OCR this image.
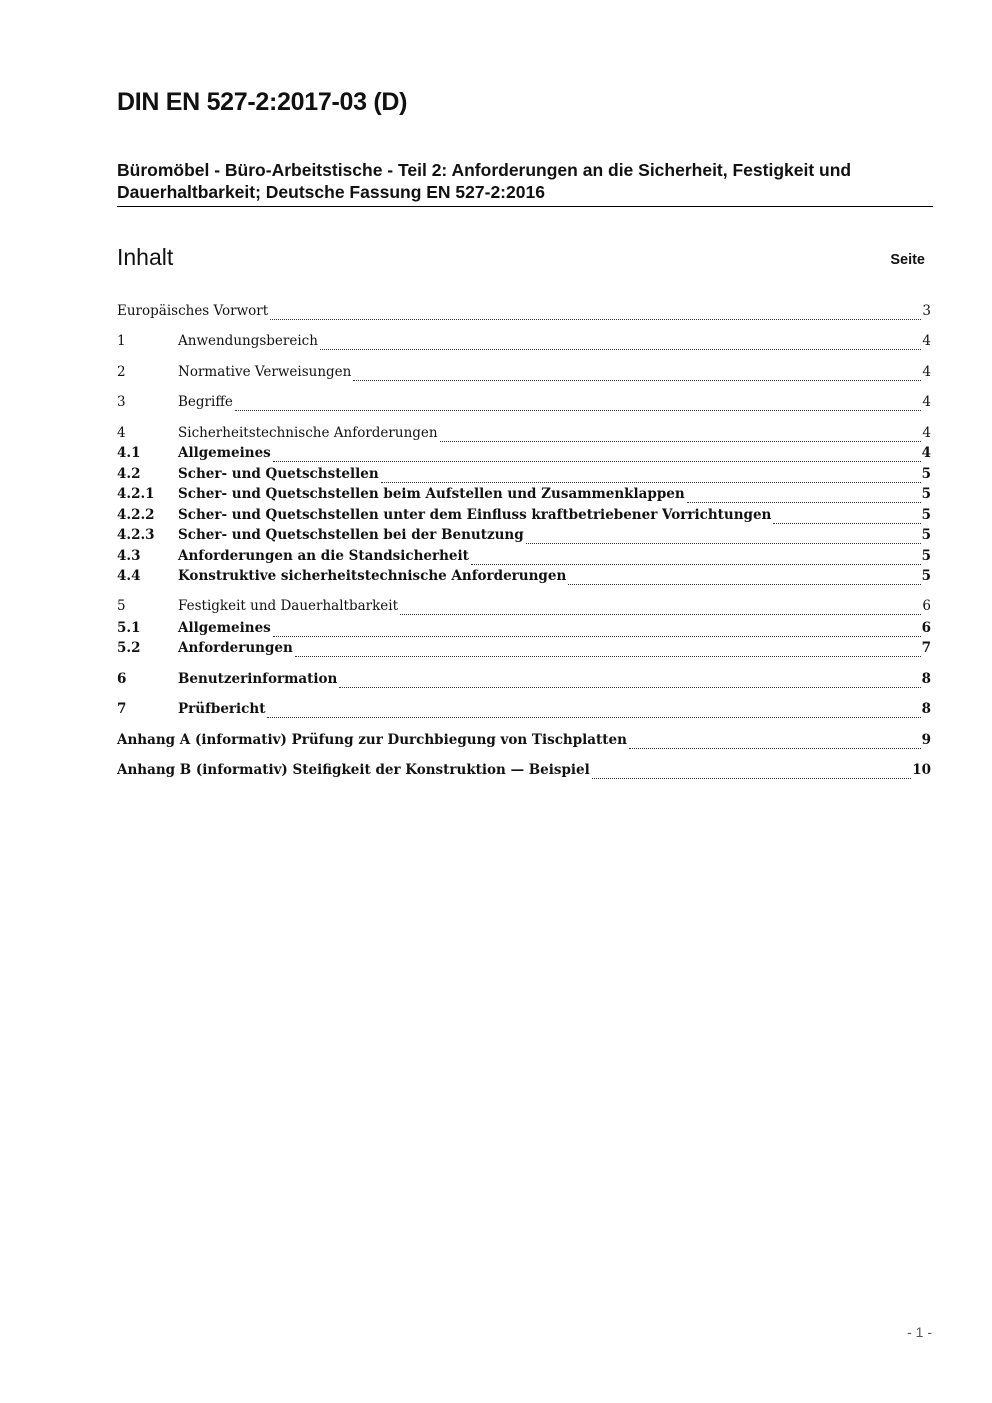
DIN EN 527-2:2017-03 (D)
Büromöbel - Büro-Arbeitstische - Teil 2: Anforderungen an die Sicherheit, Festigkeit und Dauerhaltbarkeit; Deutsche Fassung EN 527-2:2016
Inhalt	Seite
Europäisches Vorwort	3
1	Anwendungsbereich	4
2	Normative Verweisungen	4
3	Begriffe	4
4	Sicherheitstechnische Anforderungen	4
4.1	Allgemeines	4
4.2	Scher- und Quetschstellen	5
4.2.1	Scher- und Quetschstellen beim Aufstellen und Zusammenklappen	5
4.2.2	Scher- und Quetschstellen unter dem Einfluss kraftbetriebener Vorrichtungen	5
4.2.3	Scher- und Quetschstellen bei der Benutzung	5
4.3	Anforderungen an die Standsicherheit	5
4.4	Konstruktive sicherheitstechnische Anforderungen	5
5	Festigkeit und Dauerhaltbarkeit	6
5.1	Allgemeines	6
5.2	Anforderungen	7
6	Benutzerinformation	8
7	Prüfbericht	8
Anhang A (informativ) Prüfung zur Durchbiegung von Tischplatten	9
Anhang B (informativ) Steifigkeit der Konstruktion — Beispiel	10
- 1 -
